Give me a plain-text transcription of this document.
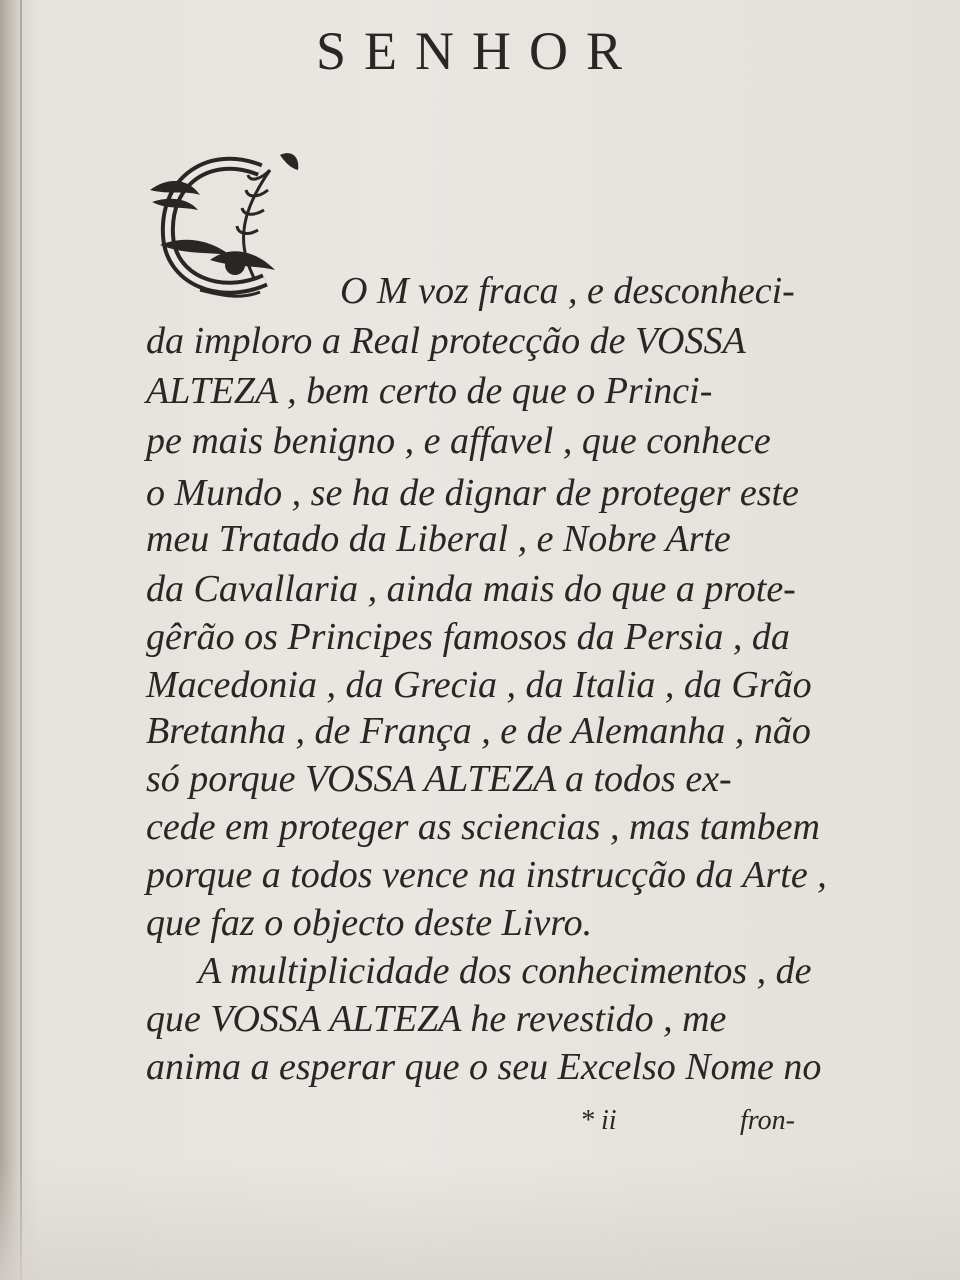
SENHOR
O M voz fraca , e desconheci-
da imploro a Real protecção de VOSSA
ALTEZA , bem certo de que o Princi-
pe mais benigno , e affavel , que conhece
o Mundo , se ha de dignar de proteger este
meu Tratado da Liberal , e Nobre Arte
da Cavallaria , ainda mais do que a prote-
gêrão os Principes famosos da Persia , da
Macedonia , da Grecia , da Italia , da Grão
Bretanha , de França , e de Alemanha , não
só porque VOSSA ALTEZA a todos ex-
cede em proteger as sciencias , mas tambem
porque a todos vence na instrucção da Arte ,
que faz o objecto deste Livro.
A multiplicidade dos conhecimentos , de
que VOSSA ALTEZA he revestido , me
anima a esperar que o seu Excelso Nome no
* ii	fron-
